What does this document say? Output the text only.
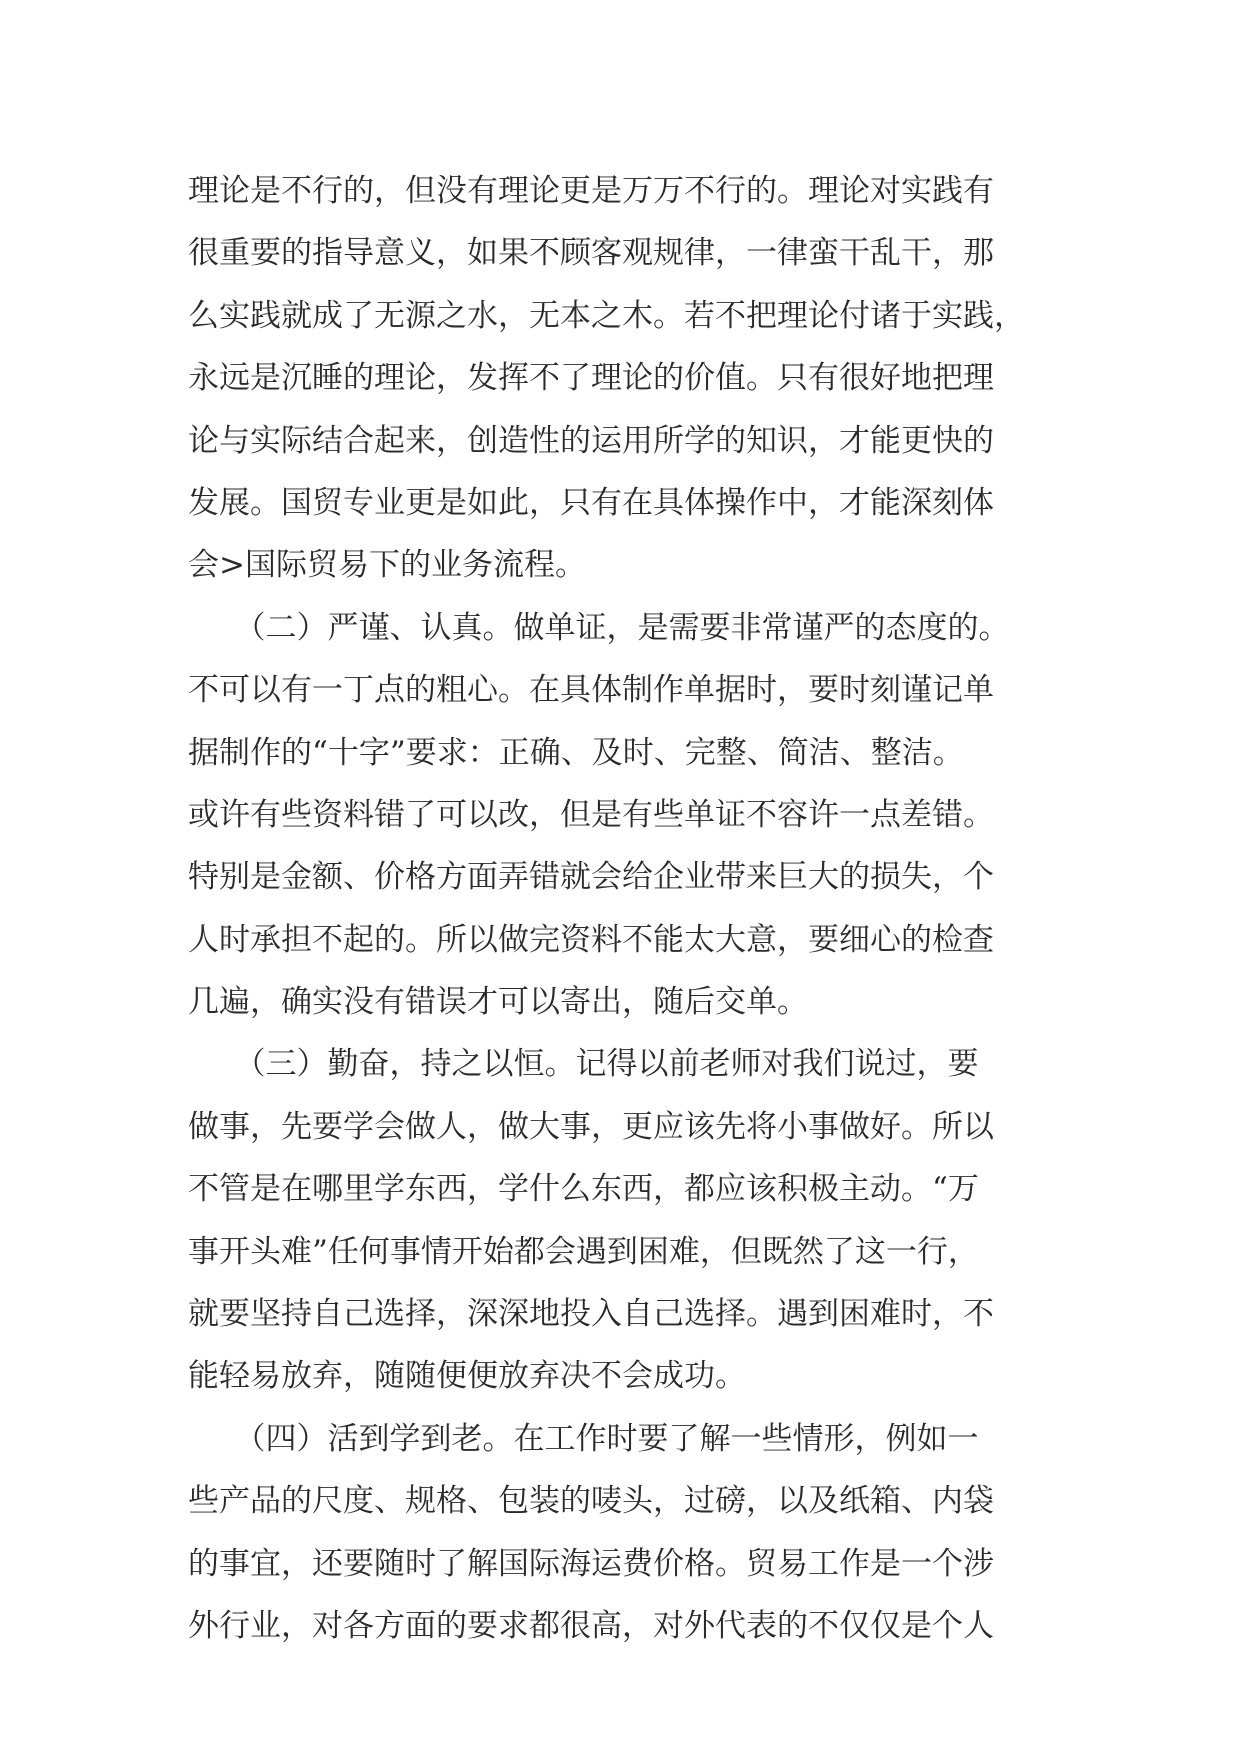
理论是不行的，但没有理论更是万万不行的。理论对实践有
很重要的指导意义，如果不顾客观规律，一律蛮干乱干，那
么实践就成了无源之水，无本之木。若不把理论付诸于实践，
永远是沉睡的理论，发挥不了理论的价值。只有很好地把理
论与实际结合起来，创造性的运用所学的知识，才能更快的
发展。国贸专业更是如此，只有在具体操作中，才能深刻体
会>国际贸易下的业务流程。
　　（二）严谨、认真。做单证，是需要非常谨严的态度的。
不可以有一丁点的粗心。在具体制作单据时，要时刻谨记单
据制作的“十字”要求：正确、及时、完整、简洁、整洁。
或许有些资料错了可以改，但是有些单证不容许一点差错。
特别是金额、价格方面弄错就会给企业带来巨大的损失，个
人时承担不起的。所以做完资料不能太大意，要细心的检查
几遍，确实没有错误才可以寄出，随后交单。
　　（三）勤奋，持之以恒。记得以前老师对我们说过，要
做事，先要学会做人，做大事，更应该先将小事做好。所以
不管是在哪里学东西，学什么东西，都应该积极主动。“万
事开头难”任何事情开始都会遇到困难，但既然了这一行，
就要坚持自己选择，深深地投入自己选择。遇到困难时，不
能轻易放弃，随随便便放弃决不会成功。
　　（四）活到学到老。在工作时要了解一些情形，例如一
些产品的尺度、规格、包装的唛头，过磅，以及纸箱、内袋
的事宜，还要随时了解国际海运费价格。贸易工作是一个涉
外行业，对各方面的要求都很高，对外代表的不仅仅是个人
